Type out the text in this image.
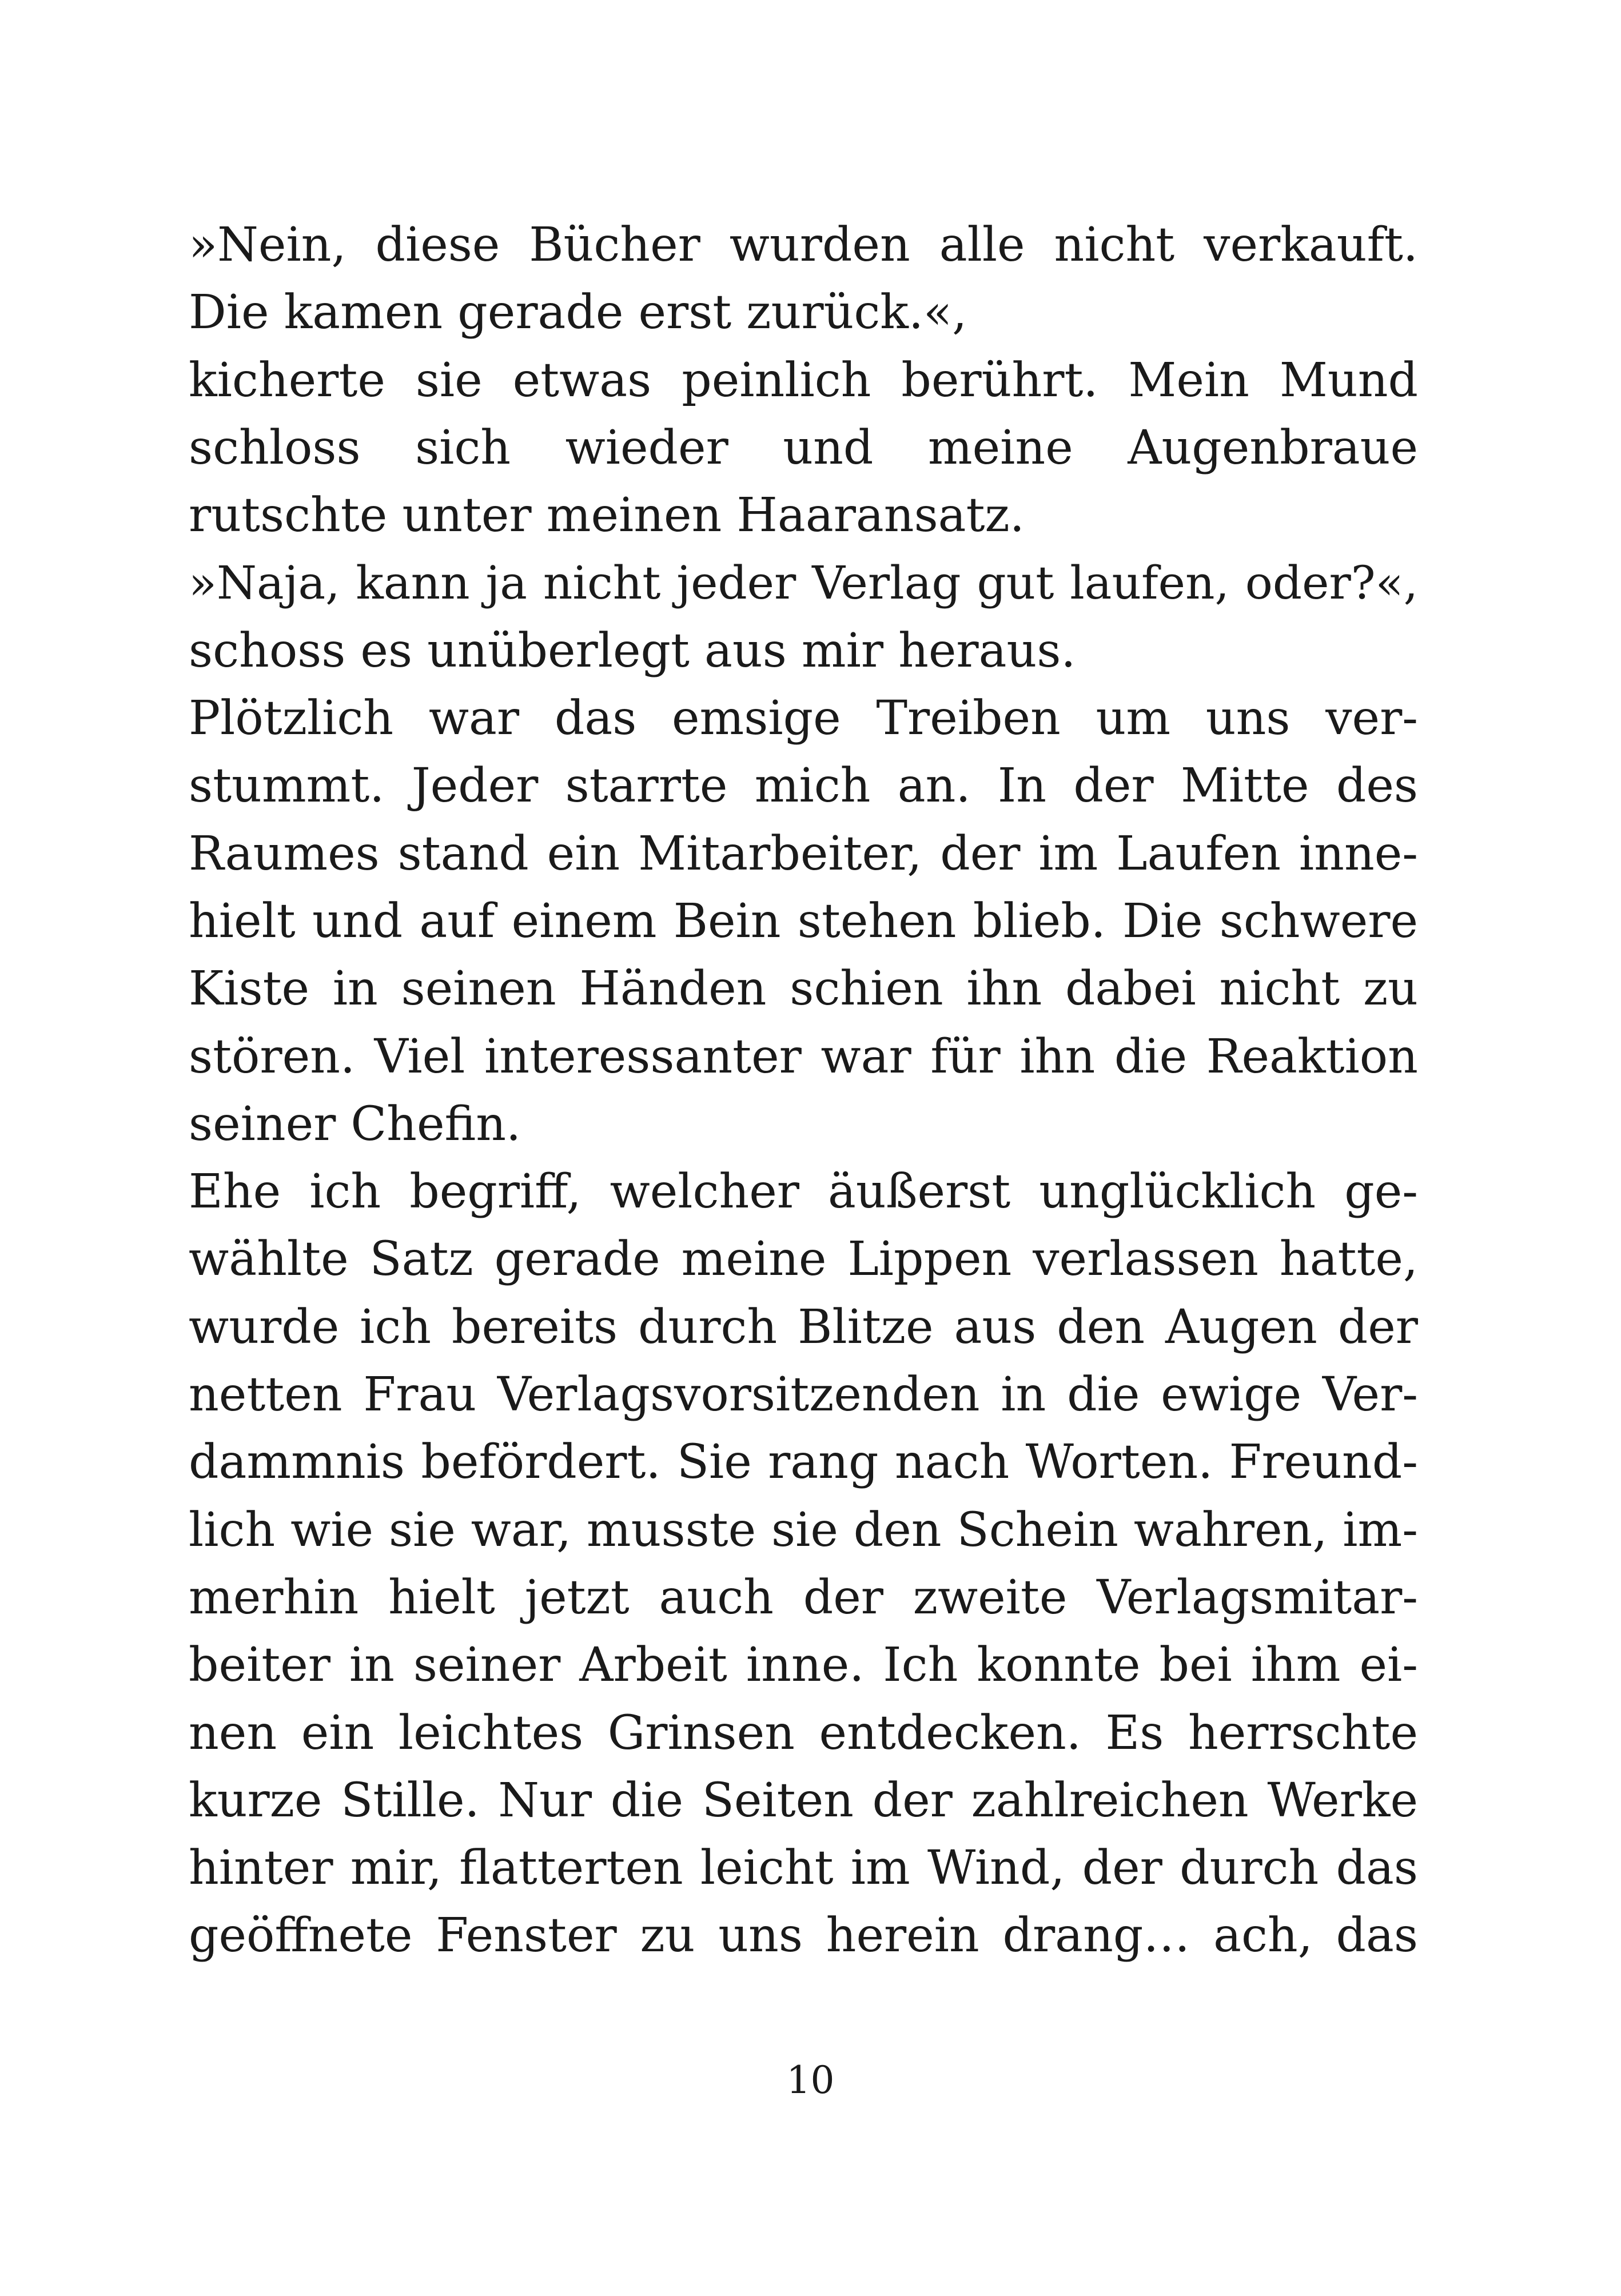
»Nein, diese Bücher wurden alle nicht verkauft.
Die kamen gerade erst zurück.«,
kicherte sie etwas peinlich berührt. Mein Mund
schloss sich wieder und meine Augenbraue
rutschte unter meinen Haaransatz.
»Naja, kann ja nicht jeder Verlag gut laufen, oder?«,
schoss es unüberlegt aus mir heraus.
Plötzlich war das emsige Treiben um uns ver-
stummt. Jeder starrte mich an. In der Mitte des
Raumes stand ein Mitarbeiter, der im Laufen inne-
hielt und auf einem Bein stehen blieb. Die schwere
Kiste in seinen Händen schien ihn dabei nicht zu
stören. Viel interessanter war für ihn die Reaktion
seiner Chefin.
Ehe ich begriff, welcher äußerst unglücklich ge-
wählte Satz gerade meine Lippen verlassen hatte,
wurde ich bereits durch Blitze aus den Augen der
netten Frau Verlagsvorsitzenden in die ewige Ver-
dammnis befördert. Sie rang nach Worten. Freund-
lich wie sie war, musste sie den Schein wahren, im-
merhin hielt jetzt auch der zweite Verlagsmitar-
beiter in seiner Arbeit inne. Ich konnte bei ihm ei-
nen ein leichtes Grinsen entdecken. Es herrschte
kurze Stille. Nur die Seiten der zahlreichen Werke
hinter mir, flatterten leicht im Wind, der durch das
geöffnete Fenster zu uns herein drang… ach, das
10
